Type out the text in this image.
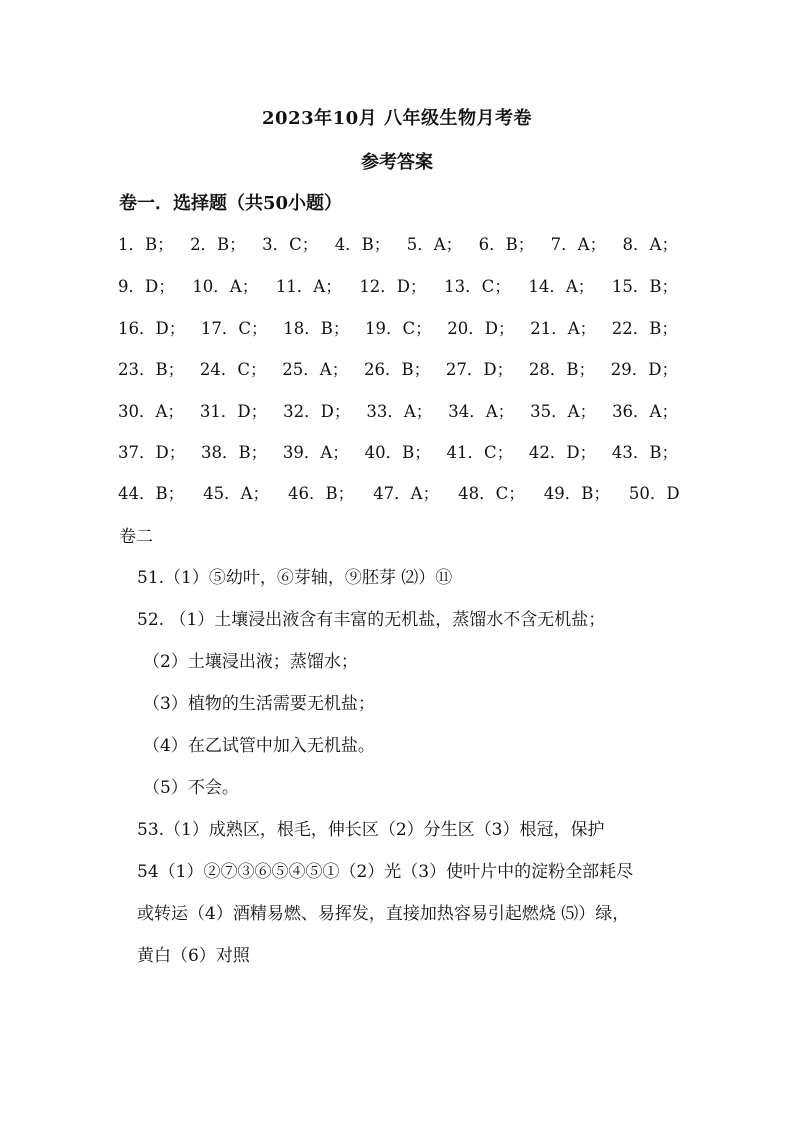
2023年10月 八年级生物月考卷
参考答案
卷一．选择题（共50小题）
1．B； 2．B； 3．C； 4．B； 5．A； 6．B； 7．A； 8．A；
9．D； 10．A； 11．A； 12．D； 13．C； 14．A； 15．B；
16．D； 17．C； 18．B； 19．C； 20．D； 21．A； 22．B；
23．B； 24．C； 25．A； 26．B； 27．D； 28．B； 29．D；
30．A； 31．D； 32．D； 33．A； 34．A； 35．A； 36．A；
37．D； 38．B； 39．A； 40．B； 41．C； 42．D； 43．B；
44．B； 45．A； 46．B； 47．A； 48．C； 49．B； 50．D
卷二
51.（1）⑤幼叶，⑥芽轴，⑨胚芽 ⑵）⑪
52. （1）土壤浸出液含有丰富的无机盐，蒸馏水不含无机盐；
（2）土壤浸出液；蒸馏水；
（3）植物的生活需要无机盐；
（4）在乙试管中加入无机盐。
（5）不会。
53.（1）成熟区，根毛，伸长区（2）分生区（3）根冠，保护
54（1）②⑦③⑥⑤④⑤①（2）光（3）使叶片中的淀粉全部耗尽
或转运（4）酒精易燃、易挥发，直接加热容易引起燃烧 ⑸）绿，
黄白（6）对照
